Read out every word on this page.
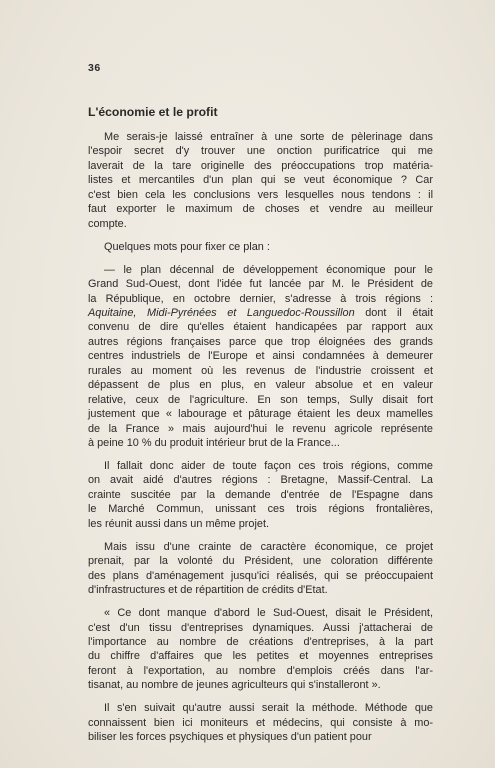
36
L'économie et le profit

Me serais-je laissé entraîner à une sorte de pèlerinage dans
l'espoir secret d'y trouver une onction purificatrice qui me
laverait de la tare originelle des préoccupations trop matéria-
listes et mercantiles d'un plan qui se veut économique ? Car
c'est bien cela les conclusions vers lesquelles nous tendons : il
faut exporter le maximum de choses et vendre au meilleur
compte.

Quelques mots pour fixer ce plan :

— le plan décennal de développement économique pour le
Grand Sud-Ouest, dont l'idée fut lancée par M. le Président de
la République, en octobre dernier, s'adresse à trois régions :
Aquitaine, Midi-Pyrénées et Languedoc-Roussillon dont il était
convenu de dire qu'elles étaient handicapées par rapport aux
autres régions françaises parce que trop éloignées des grands
centres industriels de l'Europe et ainsi condamnées à demeurer
rurales au moment où les revenus de l'industrie croissent et
dépassent de plus en plus, en valeur absolue et en valeur
relative, ceux de l'agriculture. En son temps, Sully disait fort
justement que « labourage et pâturage étaient les deux mamelles
de la France » mais aujourd'hui le revenu agricole représente
à peine 10 % du produit intérieur brut de la France...

Il fallait donc aider de toute façon ces trois régions, comme
on avait aidé d'autres régions : Bretagne, Massif-Central. La
crainte suscitée par la demande d'entrée de l'Espagne dans
le Marché Commun, unissant ces trois régions frontalières,
les réunit aussi dans un même projet.

Mais issu d'une crainte de caractère économique, ce projet
prenait, par la volonté du Président, une coloration différente
des plans d'aménagement jusqu'ici réalisés, qui se préoccupaient
d'infrastructures et de répartition de crédits d'Etat.

« Ce dont manque d'abord le Sud-Ouest, disait le Président,
c'est d'un tissu d'entreprises dynamiques. Aussi j'attacherai de
l'importance au nombre de créations d'entreprises, à la part
du chiffre d'affaires que les petites et moyennes entreprises
feront à l'exportation, au nombre d'emplois créés dans l'ar-
tisanat, au nombre de jeunes agriculteurs qui s'installeront ».

Il s'en suivait qu'autre aussi serait la méthode. Méthode que
connaissent bien ici moniteurs et médecins, qui consiste à mo-
biliser les forces psychiques et physiques d'un patient pour
